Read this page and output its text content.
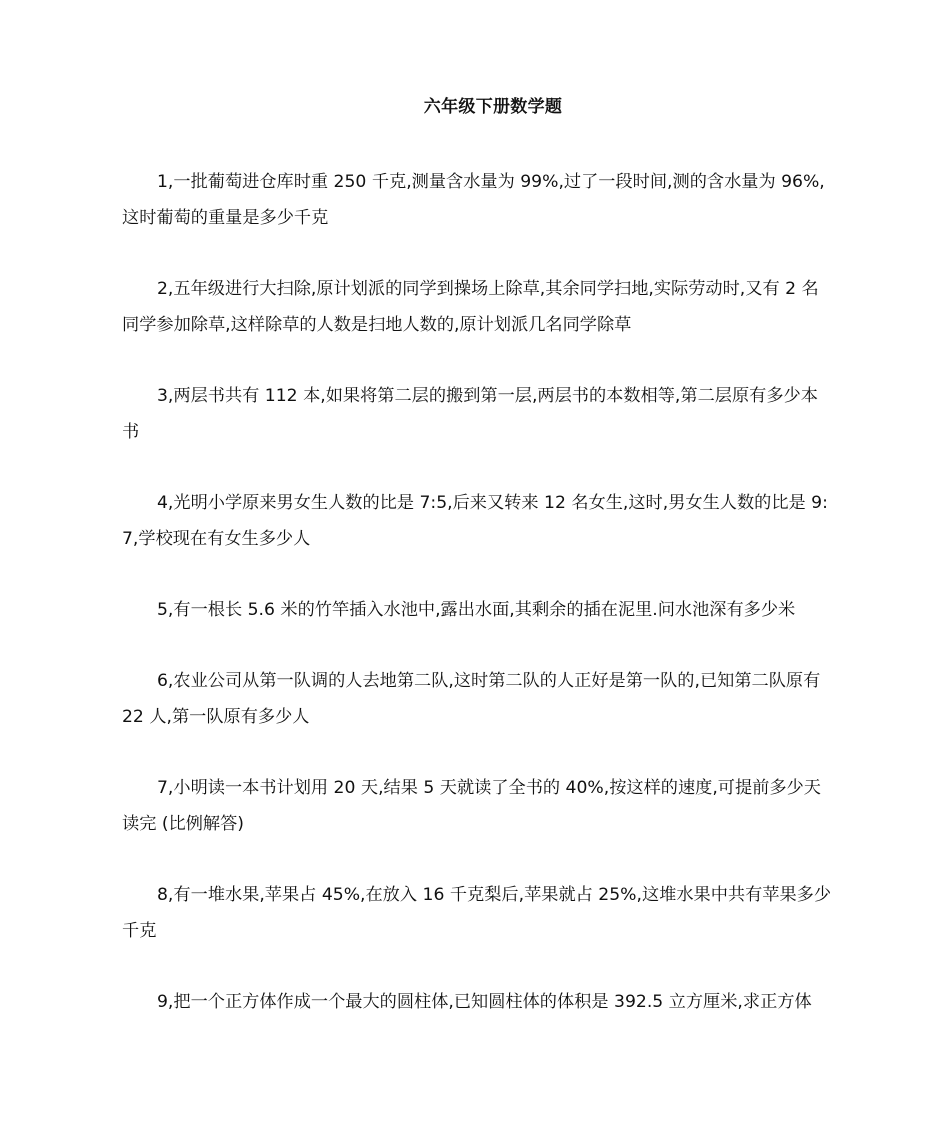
六年级下册数学题

1,一批葡萄进仓库时重 250 千克,测量含水量为 99%,过了一段时间,测的含水量为 96%,这时葡萄的重量是多少千克

2,五年级进行大扫除,原计划派的同学到操场上除草,其余同学扫地,实际劳动时,又有 2 名同学参加除草,这样除草的人数是扫地人数的,原计划派几名同学除草

3,两层书共有 112 本,如果将第二层的搬到第一层,两层书的本数相等,第二层原有多少本书

4,光明小学原来男女生人数的比是 7:5,后来又转来 12 名女生,这时,男女生人数的比是 9:7,学校现在有女生多少人

5,有一根长 5.6 米的竹竿插入水池中,露出水面,其剩余的插在泥里.问水池深有多少米

6,农业公司从第一队调的人去地第二队,这时第二队的人正好是第一队的,已知第二队原有 22 人,第一队原有多少人

7,小明读一本书计划用 20 天,结果 5 天就读了全书的 40%,按这样的速度,可提前多少天读完 (比例解答)

8,有一堆水果,苹果占 45%,在放入 16 千克梨后,苹果就占 25%,这堆水果中共有苹果多少千克

9,把一个正方体作成一个最大的圆柱体,已知圆柱体的体积是 392.5 立方厘米,求正方体
